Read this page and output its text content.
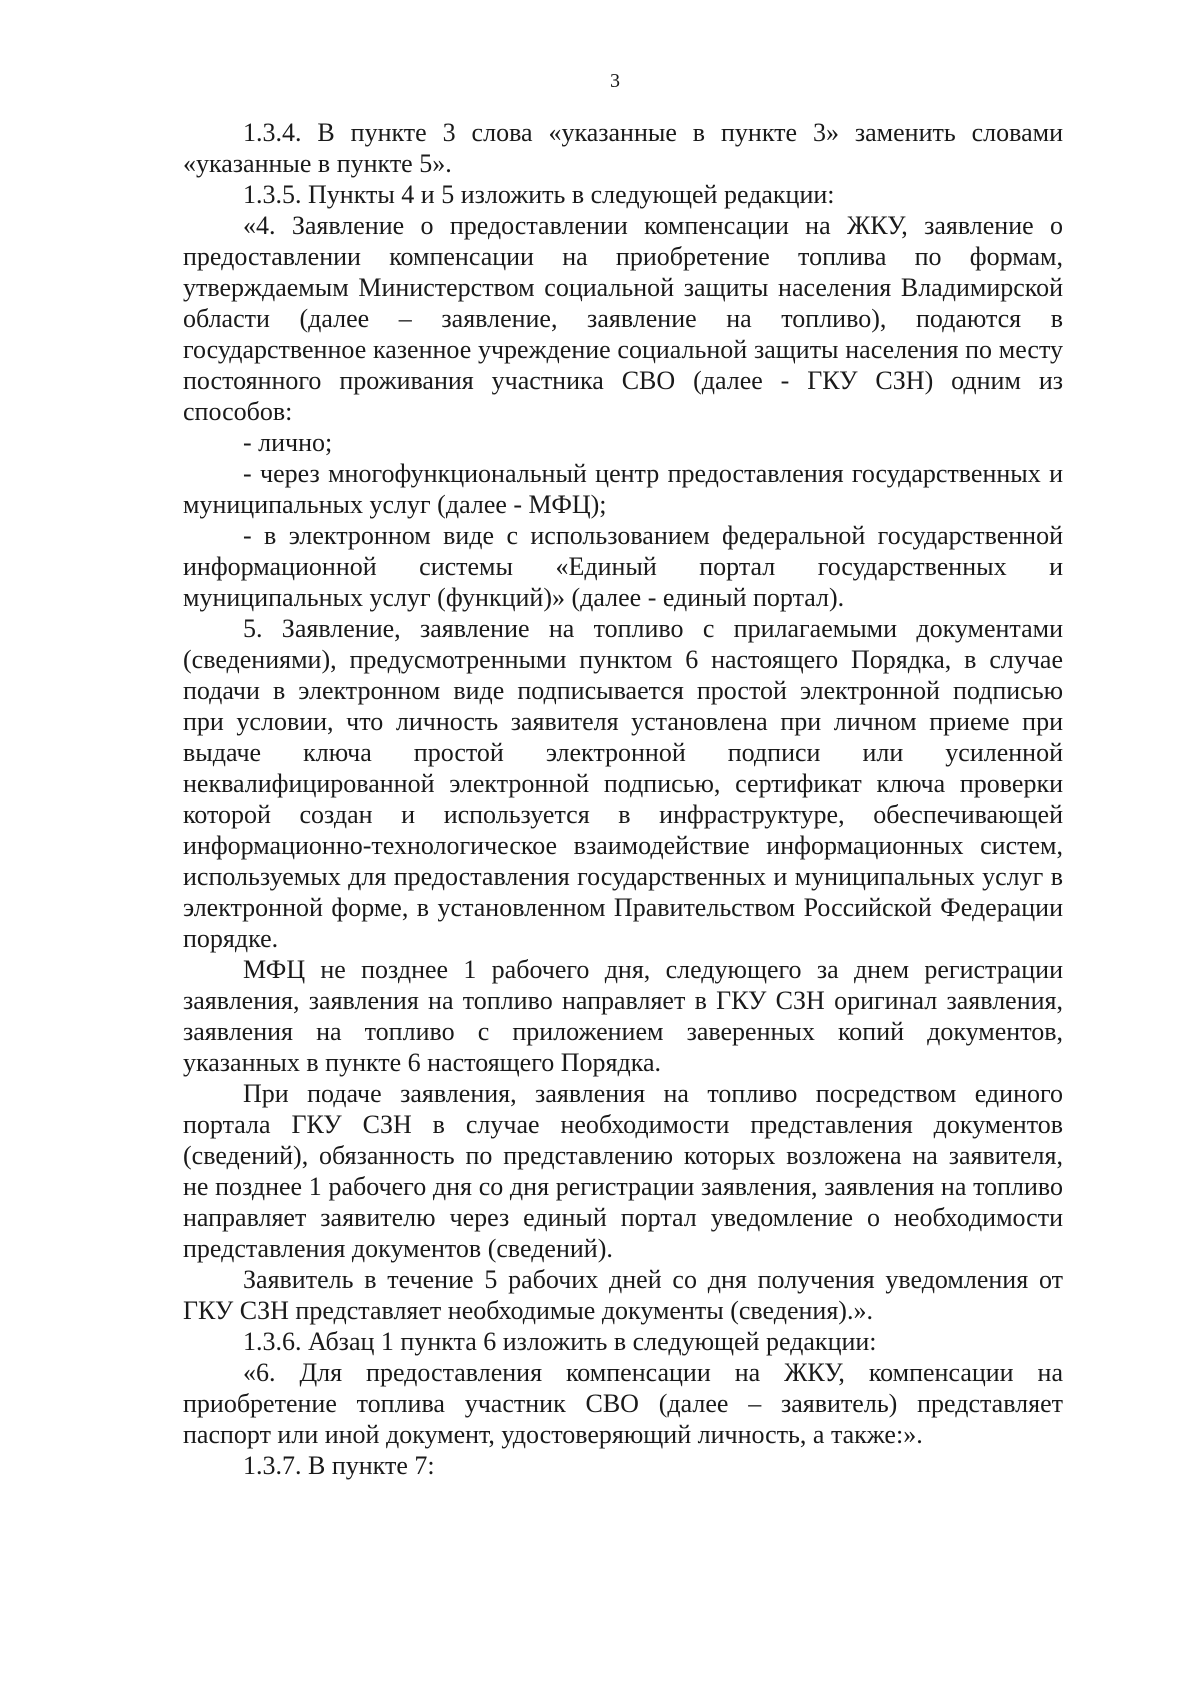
3

1.3.4. В пункте 3 слова «указанные в пункте 3» заменить словами «указанные в пункте 5».

1.3.5. Пункты 4 и 5 изложить в следующей редакции:

«4. Заявление о предоставлении компенсации на ЖКУ, заявление о предоставлении компенсации на приобретение топлива по формам, утверждаемым Министерством социальной защиты населения Владимирской области (далее – заявление, заявление на топливо), подаются в государственное казенное учреждение социальной защиты населения по месту постоянного проживания участника СВО (далее - ГКУ СЗН) одним из способов:

- лично;

- через многофункциональный центр предоставления государственных и муниципальных услуг (далее - МФЦ);

- в электронном виде с использованием федеральной государственной информационной системы «Единый портал государственных и муниципальных услуг (функций)» (далее - единый портал).

5. Заявление, заявление на топливо с прилагаемыми документами (сведениями), предусмотренными пунктом 6 настоящего Порядка, в случае подачи в электронном виде подписывается простой электронной подписью при условии, что личность заявителя установлена при личном приеме при выдаче ключа простой электронной подписи или усиленной неквалифицированной электронной подписью, сертификат ключа проверки которой создан и используется в инфраструктуре, обеспечивающей информационно-технологическое взаимодействие информационных систем, используемых для предоставления государственных и муниципальных услуг в электронной форме, в установленном Правительством Российской Федерации порядке.

МФЦ не позднее 1 рабочего дня, следующего за днем регистрации заявления, заявления на топливо направляет в ГКУ СЗН оригинал заявления, заявления на топливо с приложением заверенных копий документов, указанных в пункте 6 настоящего Порядка.

При подаче заявления, заявления на топливо посредством единого портала ГКУ СЗН в случае необходимости представления документов (сведений), обязанность по представлению которых возложена на заявителя, не позднее 1 рабочего дня со дня регистрации заявления, заявления на топливо направляет заявителю через единый портал уведомление о необходимости представления документов (сведений).

Заявитель в течение 5 рабочих дней со дня получения уведомления от ГКУ СЗН представляет необходимые документы (сведения).».

1.3.6. Абзац 1 пункта 6 изложить в следующей редакции:

«6. Для предоставления компенсации на ЖКУ, компенсации на приобретение топлива участник СВО (далее – заявитель) представляет паспорт или иной документ, удостоверяющий личность, а также:».

1.3.7. В пункте 7:
